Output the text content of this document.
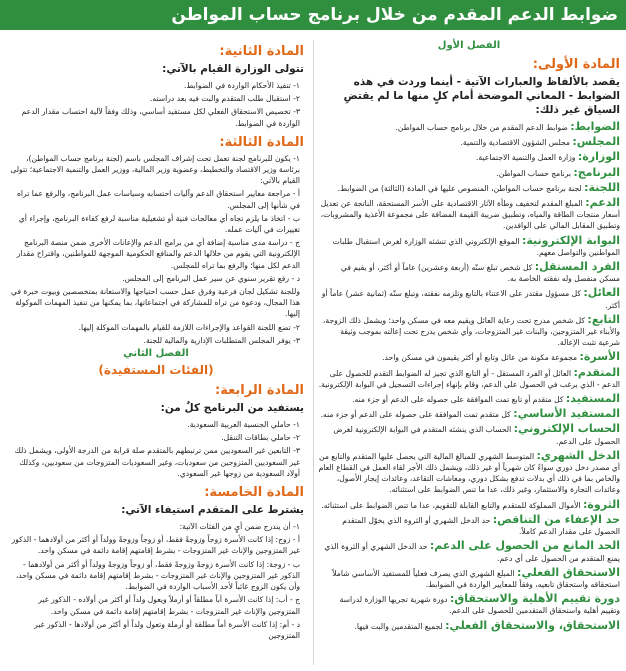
ضوابط الدعم المقدم من خلال برنامج حساب المواطن
الفصل الأول
المادة الأولى:
يقصد بالألفاظ والعبارات الآتية - أينما وردت في هذه الضوابط - المعاني الموضحة أمام كلٍ منها ما لم يقتضِ السياق غير ذلك:
الضوابط: ضوابط الدعم المقدم من خلال برنامج حساب المواطن.
المجلس: مجلس الشؤون الاقتصادية والتنمية.
الوزارة: وزارة العمل والتنمية الاجتماعية.
البرنامج: برنامج حساب المواطن.
اللجنة: لجنة برنامج حساب المواطن، المنصوص عليها في المادة (الثالثة) من الضوابط.
الدعم: المبلغ المقدم لتخفيف وطأة الآثار الاقتصادية على الأسر المستحقة، الناتجة عن تعديل أسعار منتجات الطاقة والمياه، وتطبيق ضريبة القيمة المضافة على مجموعة الأغذية والمشروبات، وتطبيق المقابل المالي على الوافدين.
البوابة الإلكترونية: الموقع الإلكتروني الذي تنشئه الوزارة لغرض استقبال طلبات المواطنين والتواصل معهم.
الفرد المستقل: كل شخص تبلغ سنّه (أربعة وعشرين) عاماً أو أكثر، أو يقيم في مسكن منفصل وله نفقته الخاصة به.
العائل: كل مسؤول مقتدر على الاعتناء بالتابع وتلزمه نفقته، وتبلغ سنّه (ثمانية عشر) عاماً أو أكثر.
التابع: كل شخص مدرج تحت رعاية العائل ويقيم معه في مسكن واحد؛ ويشمل ذلك الزوجة، والأبناء غير المتزوجين، والبنات غير المتزوجات، وأي شخص يدرج تحت إعالته بموجب وثيقة شرعية تثبت الإعالة.
الأسرة: مجموعة مكونة من عائل وتابع أو أكثر يقيمون في مسكن واحد.
المتقدم: العائل أو الفرد المستقل - أو التابع الذي تجيز له الضوابط التقدم للحصول على الدعم - الذي يرغب في الحصول على الدعم، وقام بإنهاء إجراءات التسجيل في البوابة الإلكترونية.
المستفيد: كل متقدم أو تابع تمت الموافقة على حصوله على الدعم أو جزء منه.
المستفيد الأساسي: كل متقدم تمت الموافقة على حصوله على الدعم أو جزء منه.
الحساب الإلكتروني: الحساب الذي ينشئه المتقدم في البوابة الإلكترونية لغرض الحصول على الدعم.
الدخل الشهري: المتوسط الشهري للمبالغ المالية التي يحصل عليها المتقدم والتابع من أي مصدر دخل دوري سواءً كان شهرياً أو غير ذلك، ويشمل ذلك الأجر لقاء العمل في القطاع العام والخاص بما في ذلك أي بدلات تدفع بشكل دوري، ومعاشات التقاعد، وعائدات إيجار الأصول، وعائدات التجارة والاستثمار، وغير ذلك، عدا ما تنص الضوابط على استثنائه.
الثروة: الأموال المملوكة للمتقدم والتابع القابلة للتقويم، عدا ما تنص الضوابط على استثنائه.
حد الإعفاء من التناقص: حد الدخل الشهري أو الثروة الذي يخوّل المتقدم الحصول على مقدار الدعم كاملاً.
الحد المانع من الحصول على الدعم: حد الدخل الشهري أو الثروة الذي يمنع المتقدم من الحصول على أي دعم.
الاستحقاق الفعلي: المبلغ الشهري الذي يصرف فعلياً للمستفيد الأساسي شاملاً استحقاقه واستحقاق تابعيه، وفقاً للمعايير الواردة في الضوابط.
دورة تقييم الأهلية والاستحقاق: دورة شهرية تجريها الوزارة لدراسة وتقييم أهلية واستحقاق المتقدمين للحصول على الدعم.
الاستحقاق، والاستحقاق الفعلي: لجميع المتقدمين والبت فيها.
المادة الثانية:
تتولى الوزارة القيام بالآتي:
١- تنفيذ الأحكام الواردة في الضوابط.
٢- استقبال طلب المتقدم والبت فيه بعد دراسته.
٣- تخصيص الاستحقاق الفعلي لكل مستفيد أساسي، وذلك وفقاً لآلية احتساب مقدار الدعم الواردة في الضوابط.
المادة الثالثة:
١- يكون للبرنامج لجنة تعمل تحت إشراف المجلس باسم (لجنة برنامج حساب المواطن)، برئاسة وزير الاقتصاد والتخطيط، وعضوية وزير المالية، ووزير العمل والتنمية الاجتماعية؛ تتولى القيام بالآتي:
أ - مراجعة معايير استحقاق الدعم وآليات احتسابه وسياسات عمل البرنامج، والرفع عما تراه في شأنها إلى المجلس.
ب - اتخاذ ما يلزم تجاه أي معالجات فنية أو تشغيلية مناسبة لرفع كفاءة البرنامج، وإجراء أي تغييرات في آليات عمله.
ج - دراسة مدى مناسبة إضافة أي من برامج الدعم والإعانات الأخرى ضمن منصة البرنامج الإلكترونية التي يقوم من خلالها الدعم والمنافع الحكومية الموجهة للمواطنين، واقتراح مقدار الدعم لكل منها؛ والرفع بما تراه للمجلس.
د - رفع تقرير سنوي عن سير عمل البرنامج إلى المجلس.
وللجنة تشكيل لجان فرعية وفرق عمل حسب احتياجها والاستعانة بمتخصصين وبيوت خبرة في هذا المجال، ودعوة من تراه للمشاركة في اجتماعاتها، بما يمكنها من تنفيذ المهمات الموكولة إليها.
٢- تضع اللجنة القواعد والإجراءات اللازمة للقيام بالمهمات الموكلة إليها.
٣- يوفر المجلس المتطلبات الإدارية والمالية للجنة.
الفصل الثاني
(الفئات المستفيدة)
المادة الرابعة:
يستفيد من البرنامج كلٌ من:
١- حاملي الجنسية العربية السعودية.
٢- حاملي بطاقات التنقل.
٣- التابعين غير السعوديين ممن ترتبطهم بالمتقدم صلة قرابة من الدرجة الأولى، ويشمل ذلك غير السعوديين المتزوجين من سعوديات، وغير السعوديات المتزوجات من سعوديين، وكذلك أولاد السعودية من زوجها غير السعودي.
المادة الخامسة:
يشترط على المتقدم استيفاء الآتي:
١- أن يندرج ضمن أيٍ من الفئات الآتية:
أ - زوج: إذا كانت الأسرة زوجاً وزوجةً فقط، أو زوجاً وزوجةً وولداً أو أكثر من أولادهما - الذكور غير المتزوجين والإناث غير المتزوجات - بشرط إقامتهم إقامة دائمة في مسكن واحد.
ب - زوجة: إذا كانت الأسرة زوجةً وزوجةً فقط، أو زوجاً وزوجةً وولداً أو أكثر من أولادهما - الذكور غير المتزوجين والإناث غير المتزوجات - بشرط إقامتهم إقامة دائمة في مسكن واحد، وأن يكون الزوج غائباً لأحد الأسباب الواردة في الضوابط.
ج - أب: إذا كانت الأسرة أباً مطلقاً أو أرملاً ويعول ولداً أو أكثر من أولاده - الذكور غير المتزوجين والإناث غير المتزوجات - بشرط إقامتهم إقامة دائمة في مسكن واحد.
د - أم: إذا كانت الأسرة أماً مطلقة أو أرملة وتعول ولداً أو أكثر من أولادها - الذكور غير المتزوجين
